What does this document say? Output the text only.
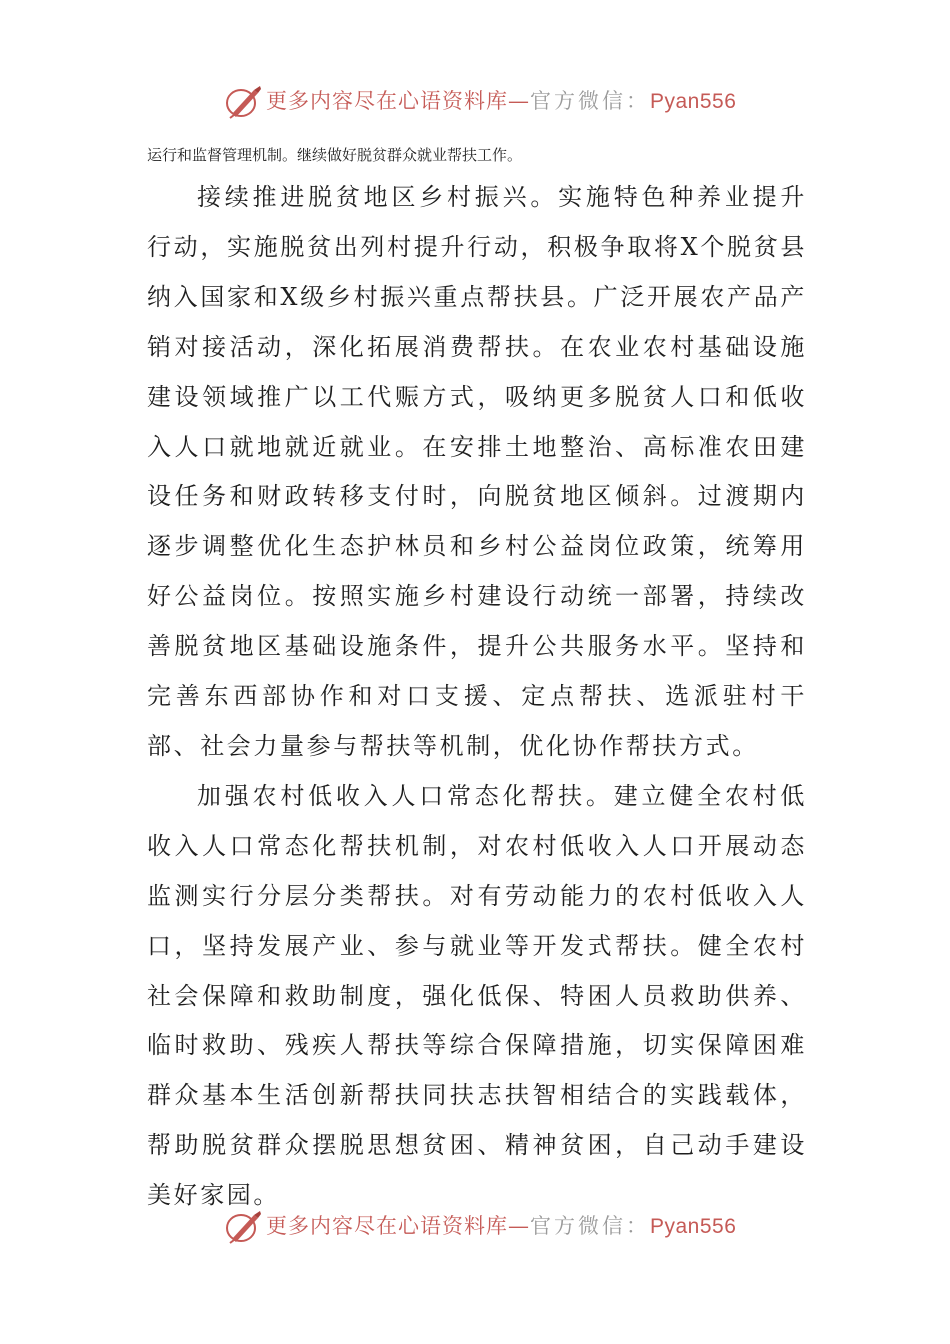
更多内容尽在心语资料库—官方微信：Pyan556
运行和监督管理机制。继续做好脱贫群众就业帮扶工作。

接续推进脱贫地区乡村振兴。实施特色种养业提升行动，实施脱贫出列村提升行动，积极争取将X个脱贫县纳入国家和X级乡村振兴重点帮扶县。广泛开展农产品产销对接活动，深化拓展消费帮扶。在农业农村基础设施建设领域推广以工代赈方式，吸纳更多脱贫人口和低收入人口就地就近就业。在安排土地整治、高标准农田建设任务和财政转移支付时，向脱贫地区倾斜。过渡期内逐步调整优化生态护林员和乡村公益岗位政策，统筹用好公益岗位。按照实施乡村建设行动统一部署，持续改善脱贫地区基础设施条件，提升公共服务水平。坚持和完善东西部协作和对口支援、定点帮扶、选派驻村干部、社会力量参与帮扶等机制，优化协作帮扶方式。

加强农村低收入人口常态化帮扶。建立健全农村低收入人口常态化帮扶机制，对农村低收入人口开展动态监测实行分层分类帮扶。对有劳动能力的农村低收入人口，坚持发展产业、参与就业等开发式帮扶。健全农村社会保障和救助制度，强化低保、特困人员救助供养、临时救助、残疾人帮扶等综合保障措施，切实保障困难群众基本生活创新帮扶同扶志扶智相结合的实践载体，帮助脱贫群众摆脱思想贫困、精神贫困，自己动手建设美好家园。

更多内容尽在心语资料库—官方微信：Pyan556
